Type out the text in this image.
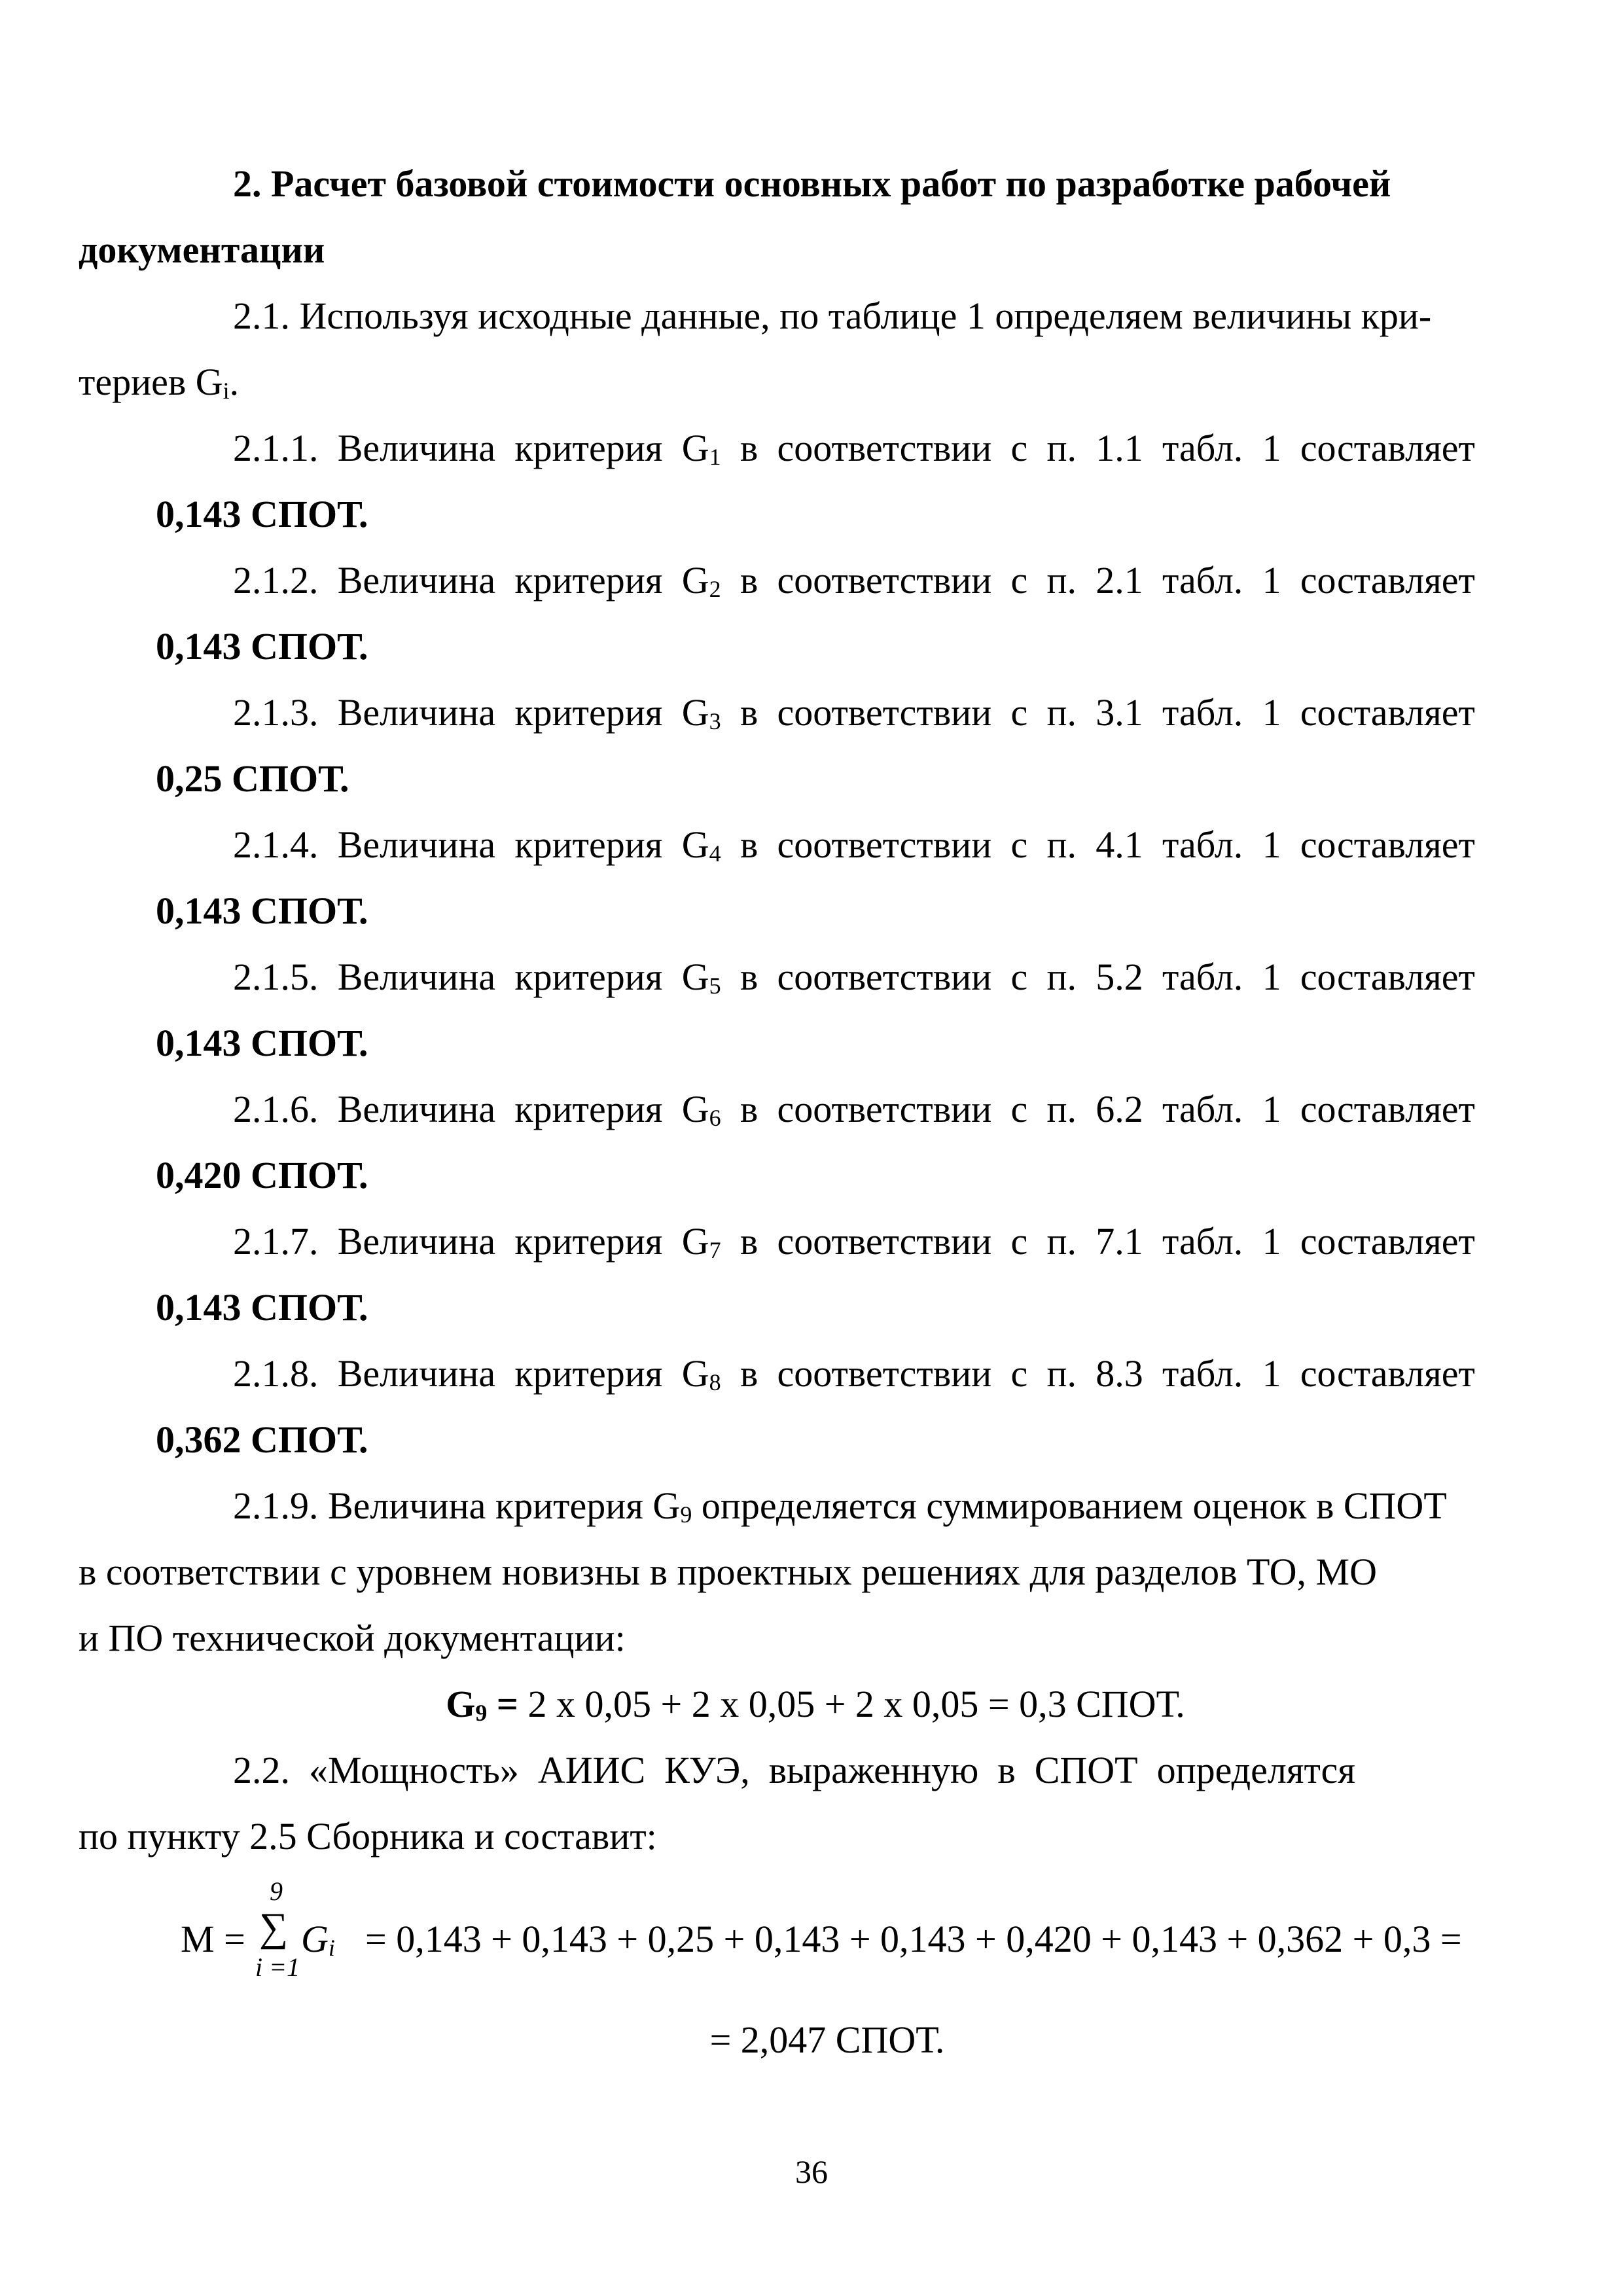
2. Расчет базовой стоимости основных работ по разработке рабочей
документации

2.1. Используя исходные данные, по таблице 1 определяем величины кри-
териев $G_i$.

2.1.1. Величина критерия $G_1$ в соответствии с п. 1.1 табл. 1 составляет

0,143 СПОТ.

2.1.2. Величина критерия $G_2$ в соответствии с п. 2.1 табл. 1 составляет

0,143 СПОТ.

2.1.3. Величина критерия $G_3$ в соответствии с п. 3.1 табл. 1 составляет

0,25 СПОТ.

2.1.4. Величина критерия $G_4$ в соответствии с п. 4.1 табл. 1 составляет

0,143 СПОТ.

2.1.5. Величина критерия $G_5$ в соответствии с п. 5.2 табл. 1 составляет

0,143 СПОТ.

2.1.6. Величина критерия $G_6$ в соответствии с п. 6.2 табл. 1 составляет

0,420 СПОТ.

2.1.7. Величина критерия $G_7$ в соответствии с п. 7.1 табл. 1 составляет

0,143 СПОТ.

2.1.8. Величина критерия $G_8$ в соответствии с п. 8.3 табл. 1 составляет

0,362 СПОТ.

2.1.9. Величина критерия $G_9$ определяется суммированием оценок в СПОТ
в соответствии с уровнем новизны в проектных решениях для разделов ТО, МО
и ПО технической документации:

$G_9 = 2$ х 0,05 + 2 х 0,05 + 2 х 0,05 = 0,3 СПОТ.

2.2.  «Мощность»  АИИС  КУЭ,  выраженную  в  СПОТ  определятся
по пункту 2.5 Сборника и составит:

М =
9
∑
i =1
$G_i = 0,143 + 0,143 + 0,25 + 0,143 + 0,143 + 0,420 + 0,143 + 0,362 + 0,3$ =

= 2,047 СПОТ.

36
